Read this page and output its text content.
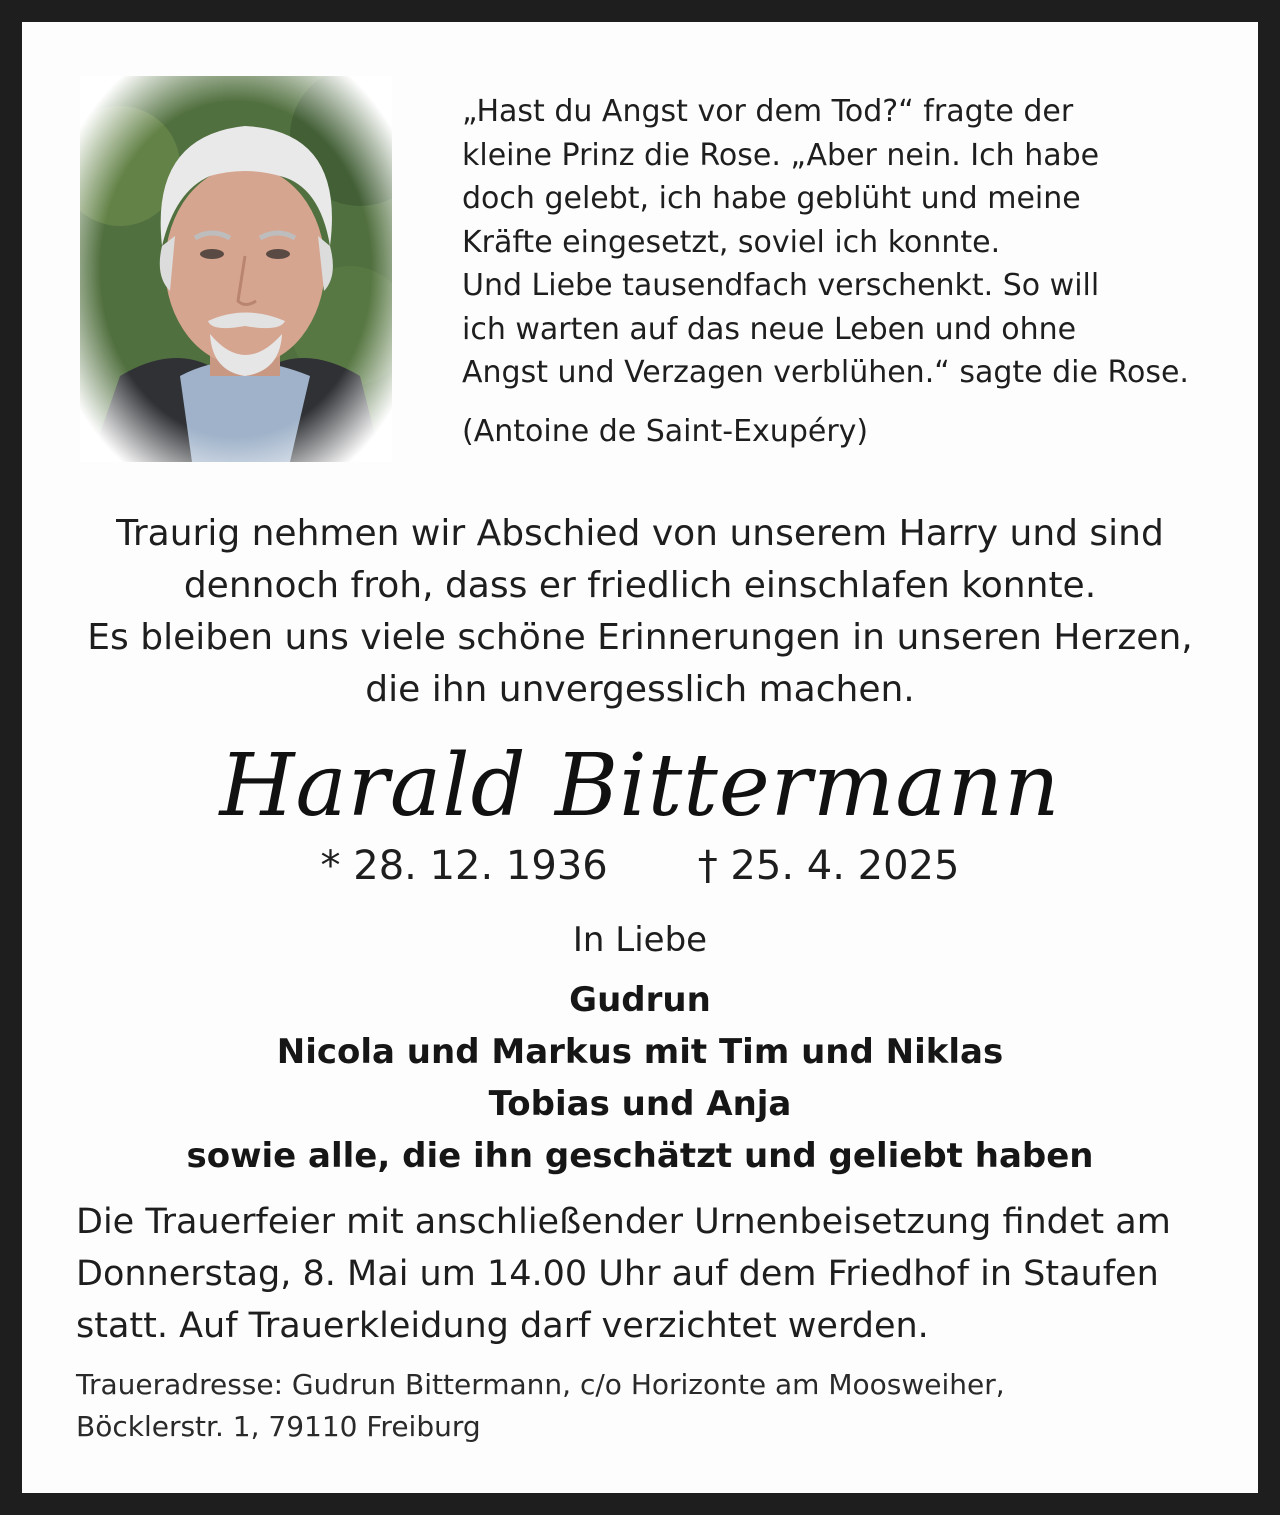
„Hast du Angst vor dem Tod?“ fragte der
kleine Prinz die Rose. „Aber nein. Ich habe
doch gelebt, ich habe geblüht und meine
Kräfte eingesetzt, soviel ich konnte.
Und Liebe tausendfach verschenkt. So will
ich warten auf das neue Leben und ohne
Angst und Verzagen verblühen.“ sagte die Rose.
(Antoine de Saint-Exupéry)
Traurig nehmen wir Abschied von unserem Harry und sind
dennoch froh, dass er friedlich einschlafen konnte.
Es bleiben uns viele schöne Erinnerungen in unseren Herzen,
die ihn unvergesslich machen.
Harald Bittermann
* 28. 12. 1936 † 25. 4. 2025
In Liebe
Gudrun
Nicola und Markus mit Tim und Niklas
Tobias und Anja
sowie alle, die ihn geschätzt und geliebt haben
Die Trauerfeier mit anschließender Urnenbeisetzung findet am
Donnerstag, 8. Mai um 14.00 Uhr auf dem Friedhof in Staufen
statt. Auf Trauerkleidung darf verzichtet werden.
Traueradresse: Gudrun Bittermann, c/o Horizonte am Moosweiher,
Böcklerstr. 1, 79110 Freiburg
